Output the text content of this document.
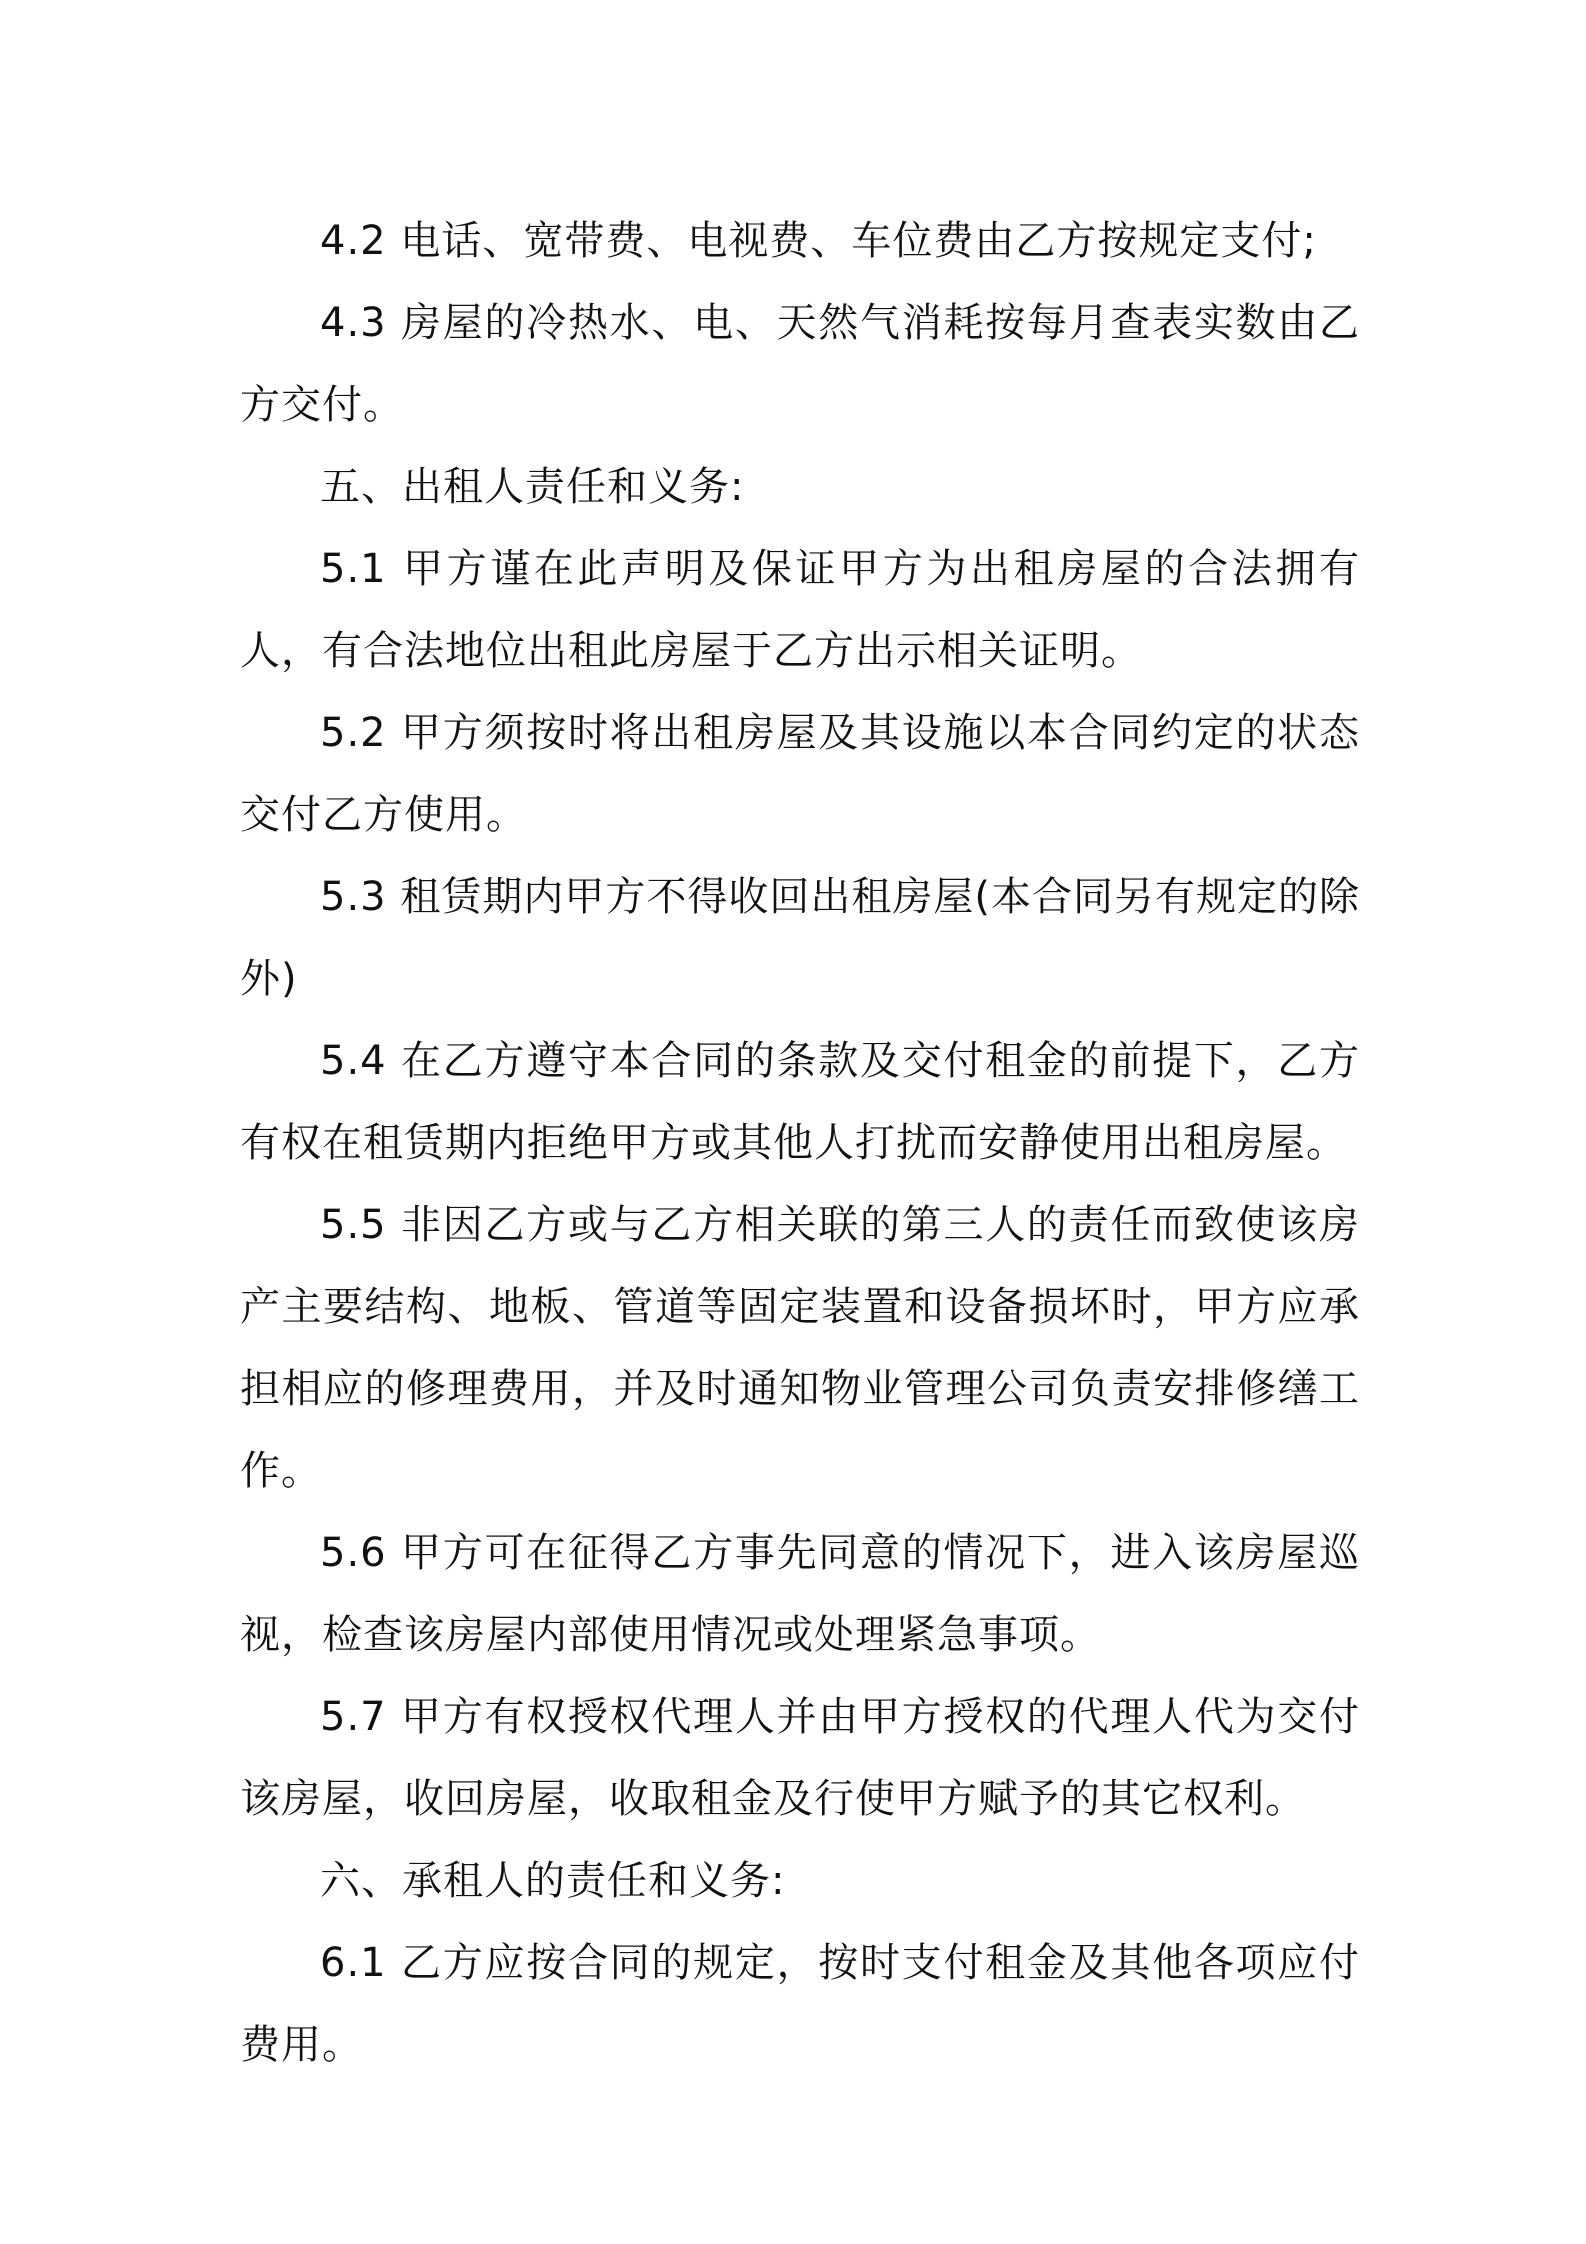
4.2 电话、宽带费、电视费、车位费由乙方按规定支付;

4.3 房屋的冷热水、电、天然气消耗按每月查表实数由乙方交付。

五、出租人责任和义务:

5.1 甲方谨在此声明及保证甲方为出租房屋的合法拥有人，有合法地位出租此房屋于乙方出示相关证明。

5.2 甲方须按时将出租房屋及其设施以本合同约定的状态交付乙方使用。

5.3 租赁期内甲方不得收回出租房屋(本合同另有规定的除外)

5.4 在乙方遵守本合同的条款及交付租金的前提下，乙方有权在租赁期内拒绝甲方或其他人打扰而安静使用出租房屋。

5.5 非因乙方或与乙方相关联的第三人的责任而致使该房产主要结构、地板、管道等固定装置和设备损坏时，甲方应承担相应的修理费用，并及时通知物业管理公司负责安排修缮工作。

5.6 甲方可在征得乙方事先同意的情况下，进入该房屋巡视，检查该房屋内部使用情况或处理紧急事项。

5.7 甲方有权授权代理人并由甲方授权的代理人代为交付该房屋，收回房屋，收取租金及行使甲方赋予的其它权利。

六、承租人的责任和义务:

6.1 乙方应按合同的规定，按时支付租金及其他各项应付费用。
